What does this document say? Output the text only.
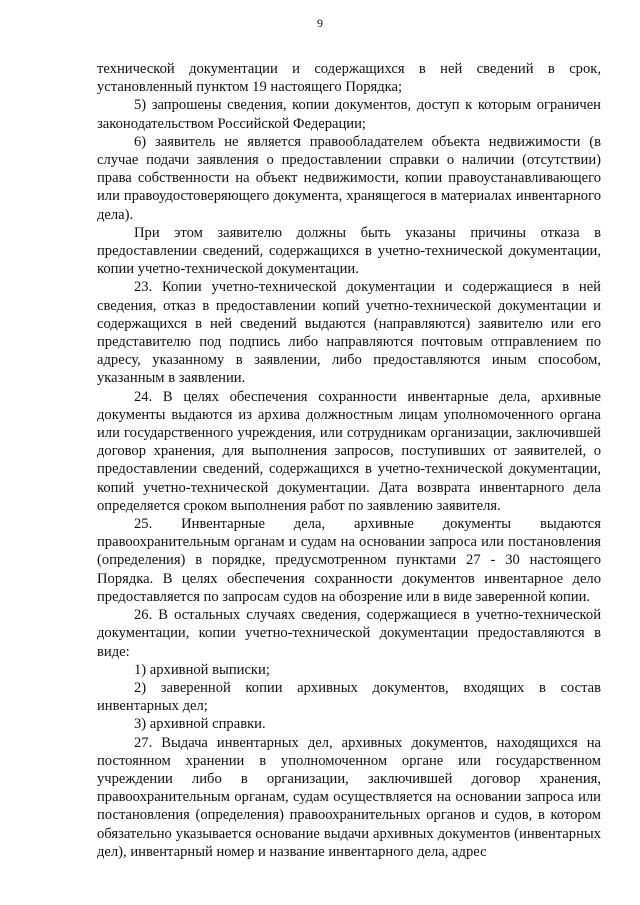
9

технической документации и содержащихся в ней сведений в срок, установленный пунктом 19 настоящего Порядка;

5) запрошены сведения, копии документов, доступ к которым ограничен законодательством Российской Федерации;

6) заявитель не является правообладателем объекта недвижимости (в случае подачи заявления о предоставлении справки о наличии (отсутствии) права собственности на объект недвижимости, копии правоустанавливающего или правоудостоверяющего документа, хранящегося в материалах инвентарного дела).

При этом заявителю должны быть указаны причины отказа в предоставлении сведений, содержащихся в учетно-технической документации, копии учетно-технической документации.

23. Копии учетно-технической документации и содержащиеся в ней сведения, отказ в предоставлении копий учетно-технической документации и содержащихся в ней сведений выдаются (направляются) заявителю или его представителю под подпись либо направляются почтовым отправлением по адресу, указанному в заявлении, либо предоставляются иным способом, указанным в заявлении.

24. В целях обеспечения сохранности инвентарные дела, архивные документы выдаются из архива должностным лицам уполномоченного органа или государственного учреждения, или сотрудникам организации, заключившей договор хранения, для выполнения запросов, поступивших от заявителей, о предоставлении сведений, содержащихся в учетно-технической документации, копий учетно-технической документации. Дата возврата инвентарного дела определяется сроком выполнения работ по заявлению заявителя.

25. Инвентарные дела, архивные документы выдаются правоохранительным органам и судам на основании запроса или постановления (определения) в порядке, предусмотренном пунктами 27 - 30 настоящего Порядка. В целях обеспечения сохранности документов инвентарное дело предоставляется по запросам судов на обозрение или в виде заверенной копии.

26. В остальных случаях сведения, содержащиеся в учетно-технической документации, копии учетно-технической документации предоставляются в виде:

1) архивной выписки;

2) заверенной копии архивных документов, входящих в состав инвентарных дел;

3) архивной справки.

27. Выдача инвентарных дел, архивных документов, находящихся на постоянном хранении в уполномоченном органе или государственном учреждении либо в организации, заключившей договор хранения, правоохранительным органам, судам осуществляется на основании запроса или постановления (определения) правоохранительных органов и судов, в котором обязательно указывается основание выдачи архивных документов (инвентарных дел), инвентарный номер и название инвентарного дела, адрес
